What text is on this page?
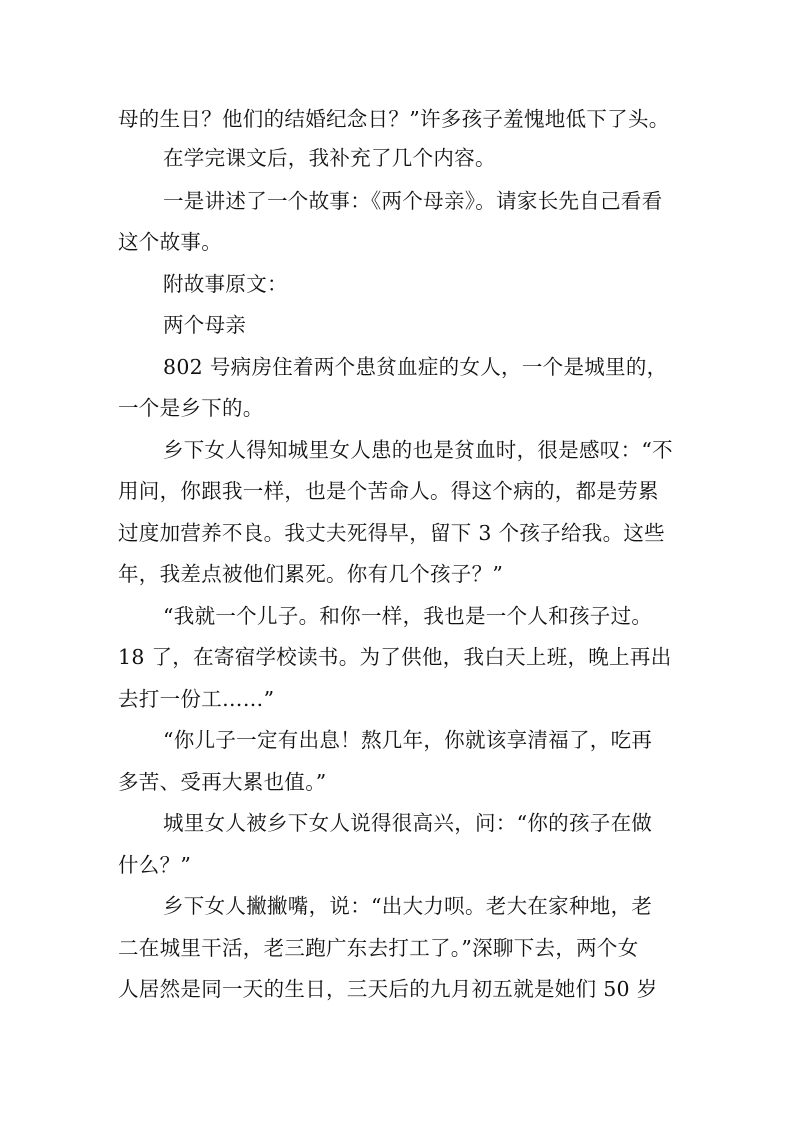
母的生日？他们的结婚纪念日？”许多孩子羞愧地低下了头。
在学完课文后，我补充了几个内容。
一是讲述了一个故事：《两个母亲》。请家长先自己看看
这个故事。
附故事原文：
两个母亲
802 号病房住着两个患贫血症的女人，一个是城里的，
一个是乡下的。
乡下女人得知城里女人患的也是贫血时，很是感叹：“不
用问，你跟我一样，也是个苦命人。得这个病的，都是劳累
过度加营养不良。我丈夫死得早，留下 3 个孩子给我。这些
年，我差点被他们累死。你有几个孩子？”
“我就一个儿子。和你一样，我也是一个人和孩子过。
18 了，在寄宿学校读书。为了供他，我白天上班，晚上再出
去打一份工……”
“你儿子一定有出息！熬几年，你就该享清福了，吃再
多苦、受再大累也值。”
城里女人被乡下女人说得很高兴，问：“你的孩子在做
什么？”
乡下女人撇撇嘴，说：“出大力呗。老大在家种地，老
二在城里干活，老三跑广东去打工了。”深聊下去，两个女
人居然是同一天的生日，三天后的九月初五就是她们 50 岁
